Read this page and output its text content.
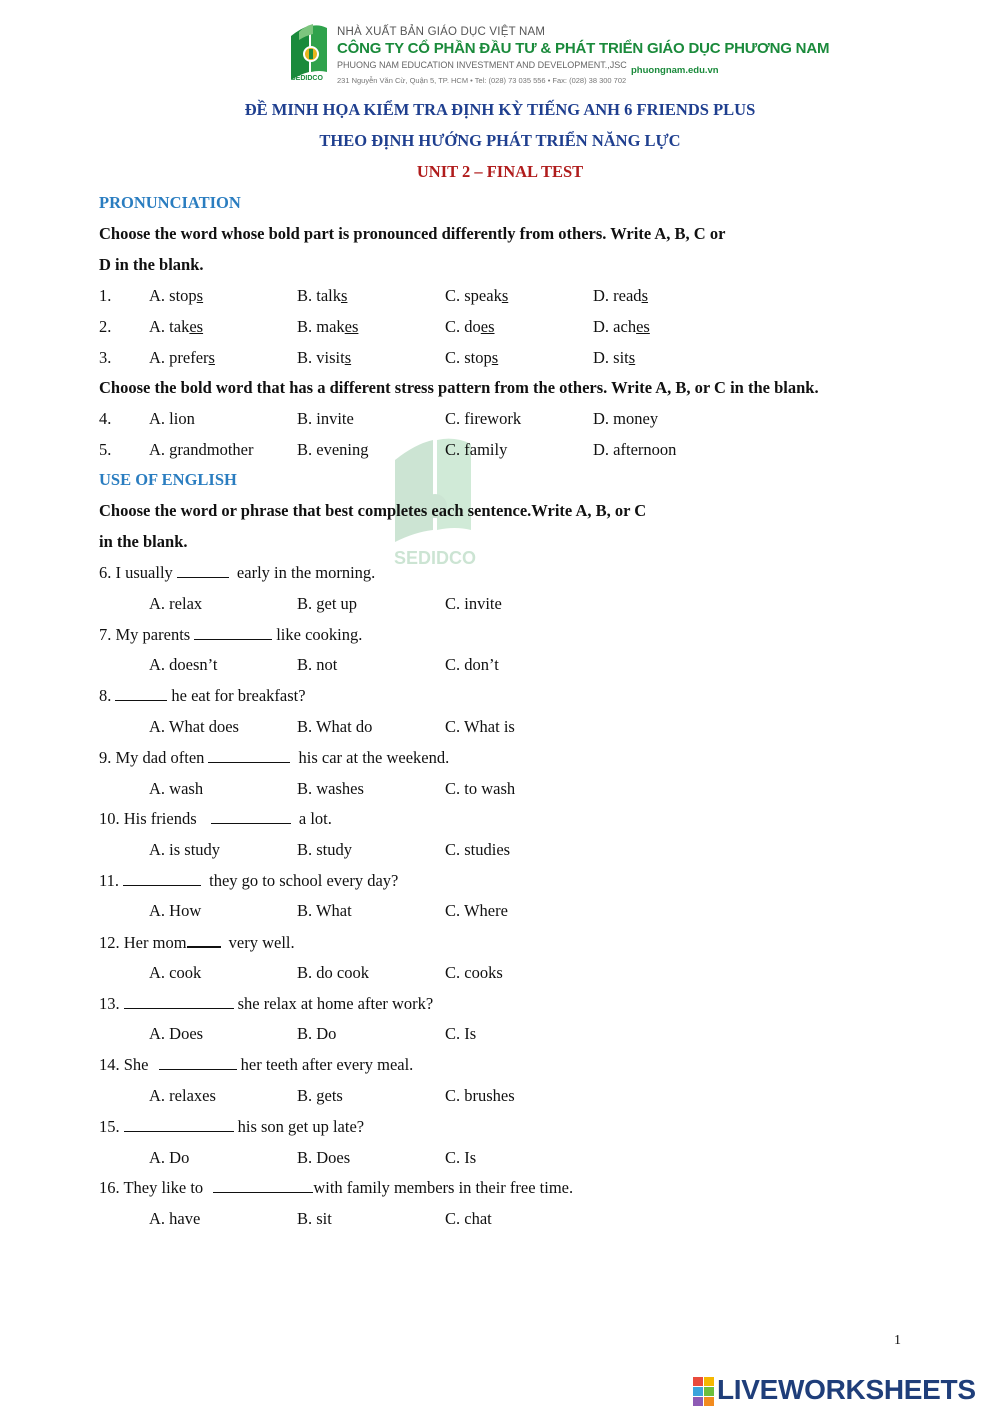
SEDIDCO
NHÀ XUẤT BẢN GIÁO DỤC VIỆT NAM
CÔNG TY CỔ PHẦN ĐẦU TƯ & PHÁT TRIỂN GIÁO DỤC PHƯƠNG NAM
PHUONG NAM EDUCATION INVESTMENT AND DEVELOPMENT.,JSC phuongnam.edu.vn
231 Nguyễn Văn Cừ, Quận 5, TP. HCM • Tel: (028) 73 035 556 • Fax: (028) 38 300 702
ĐỀ MINH HỌA KIỂM TRA ĐỊNH KỲ TIẾNG ANH 6 FRIENDS PLUS
THEO ĐỊNH HƯỚNG PHÁT TRIỂN NĂNG LỰC
UNIT 2 – FINAL TEST
SEDIDCO
PRONUNCIATION
Choose the word whose bold part is pronounced differently from others. Write A, B, C or
D in the blank.
1. A. stops	B. talks	C. speaks	D. reads
2. A. takes	B. makes	C. does	D. aches
3. A. prefers	B. visits	C. stops	D. sits
Choose the bold word that has a different stress pattern from the others. Write A, B, or C in the blank.
4. A. lion	B. invite	C. firework	D. money
5. A. grandmother	B. evening	C. family	D. afternoon
USE OF ENGLISH
Choose the word or phrase that best completes each sentence.Write A, B, or C
in the blank.
6. I usually	early in the morning.
A. relax	B. get up	C. invite
7. My parents	like cooking.
A. doesn’t	B. not	C. don’t
8.	he eat for breakfast?
A. What does	B. What do	C. What is
9. My dad often	his car at the weekend.
A. wash	B. washes	C. to wash
10. His friends	a lot.
A. is study	B. study	C. studies
11.	they go to school every day?
A. How	B. What	C. Where
12. Her mom	very well.
A. cook	B. do cook	C. cooks
13.	she relax at home after work?
A. Does	B. Do	C. Is
14. She	her teeth after every meal.
A. relaxes	B. gets	C. brushes
15.	his son get up late?
A. Do	B. Does	C. Is
16. They like to	with family members in their free time.
A. have	B. sit	C. chat
1
LIVEWORKSHEETS
